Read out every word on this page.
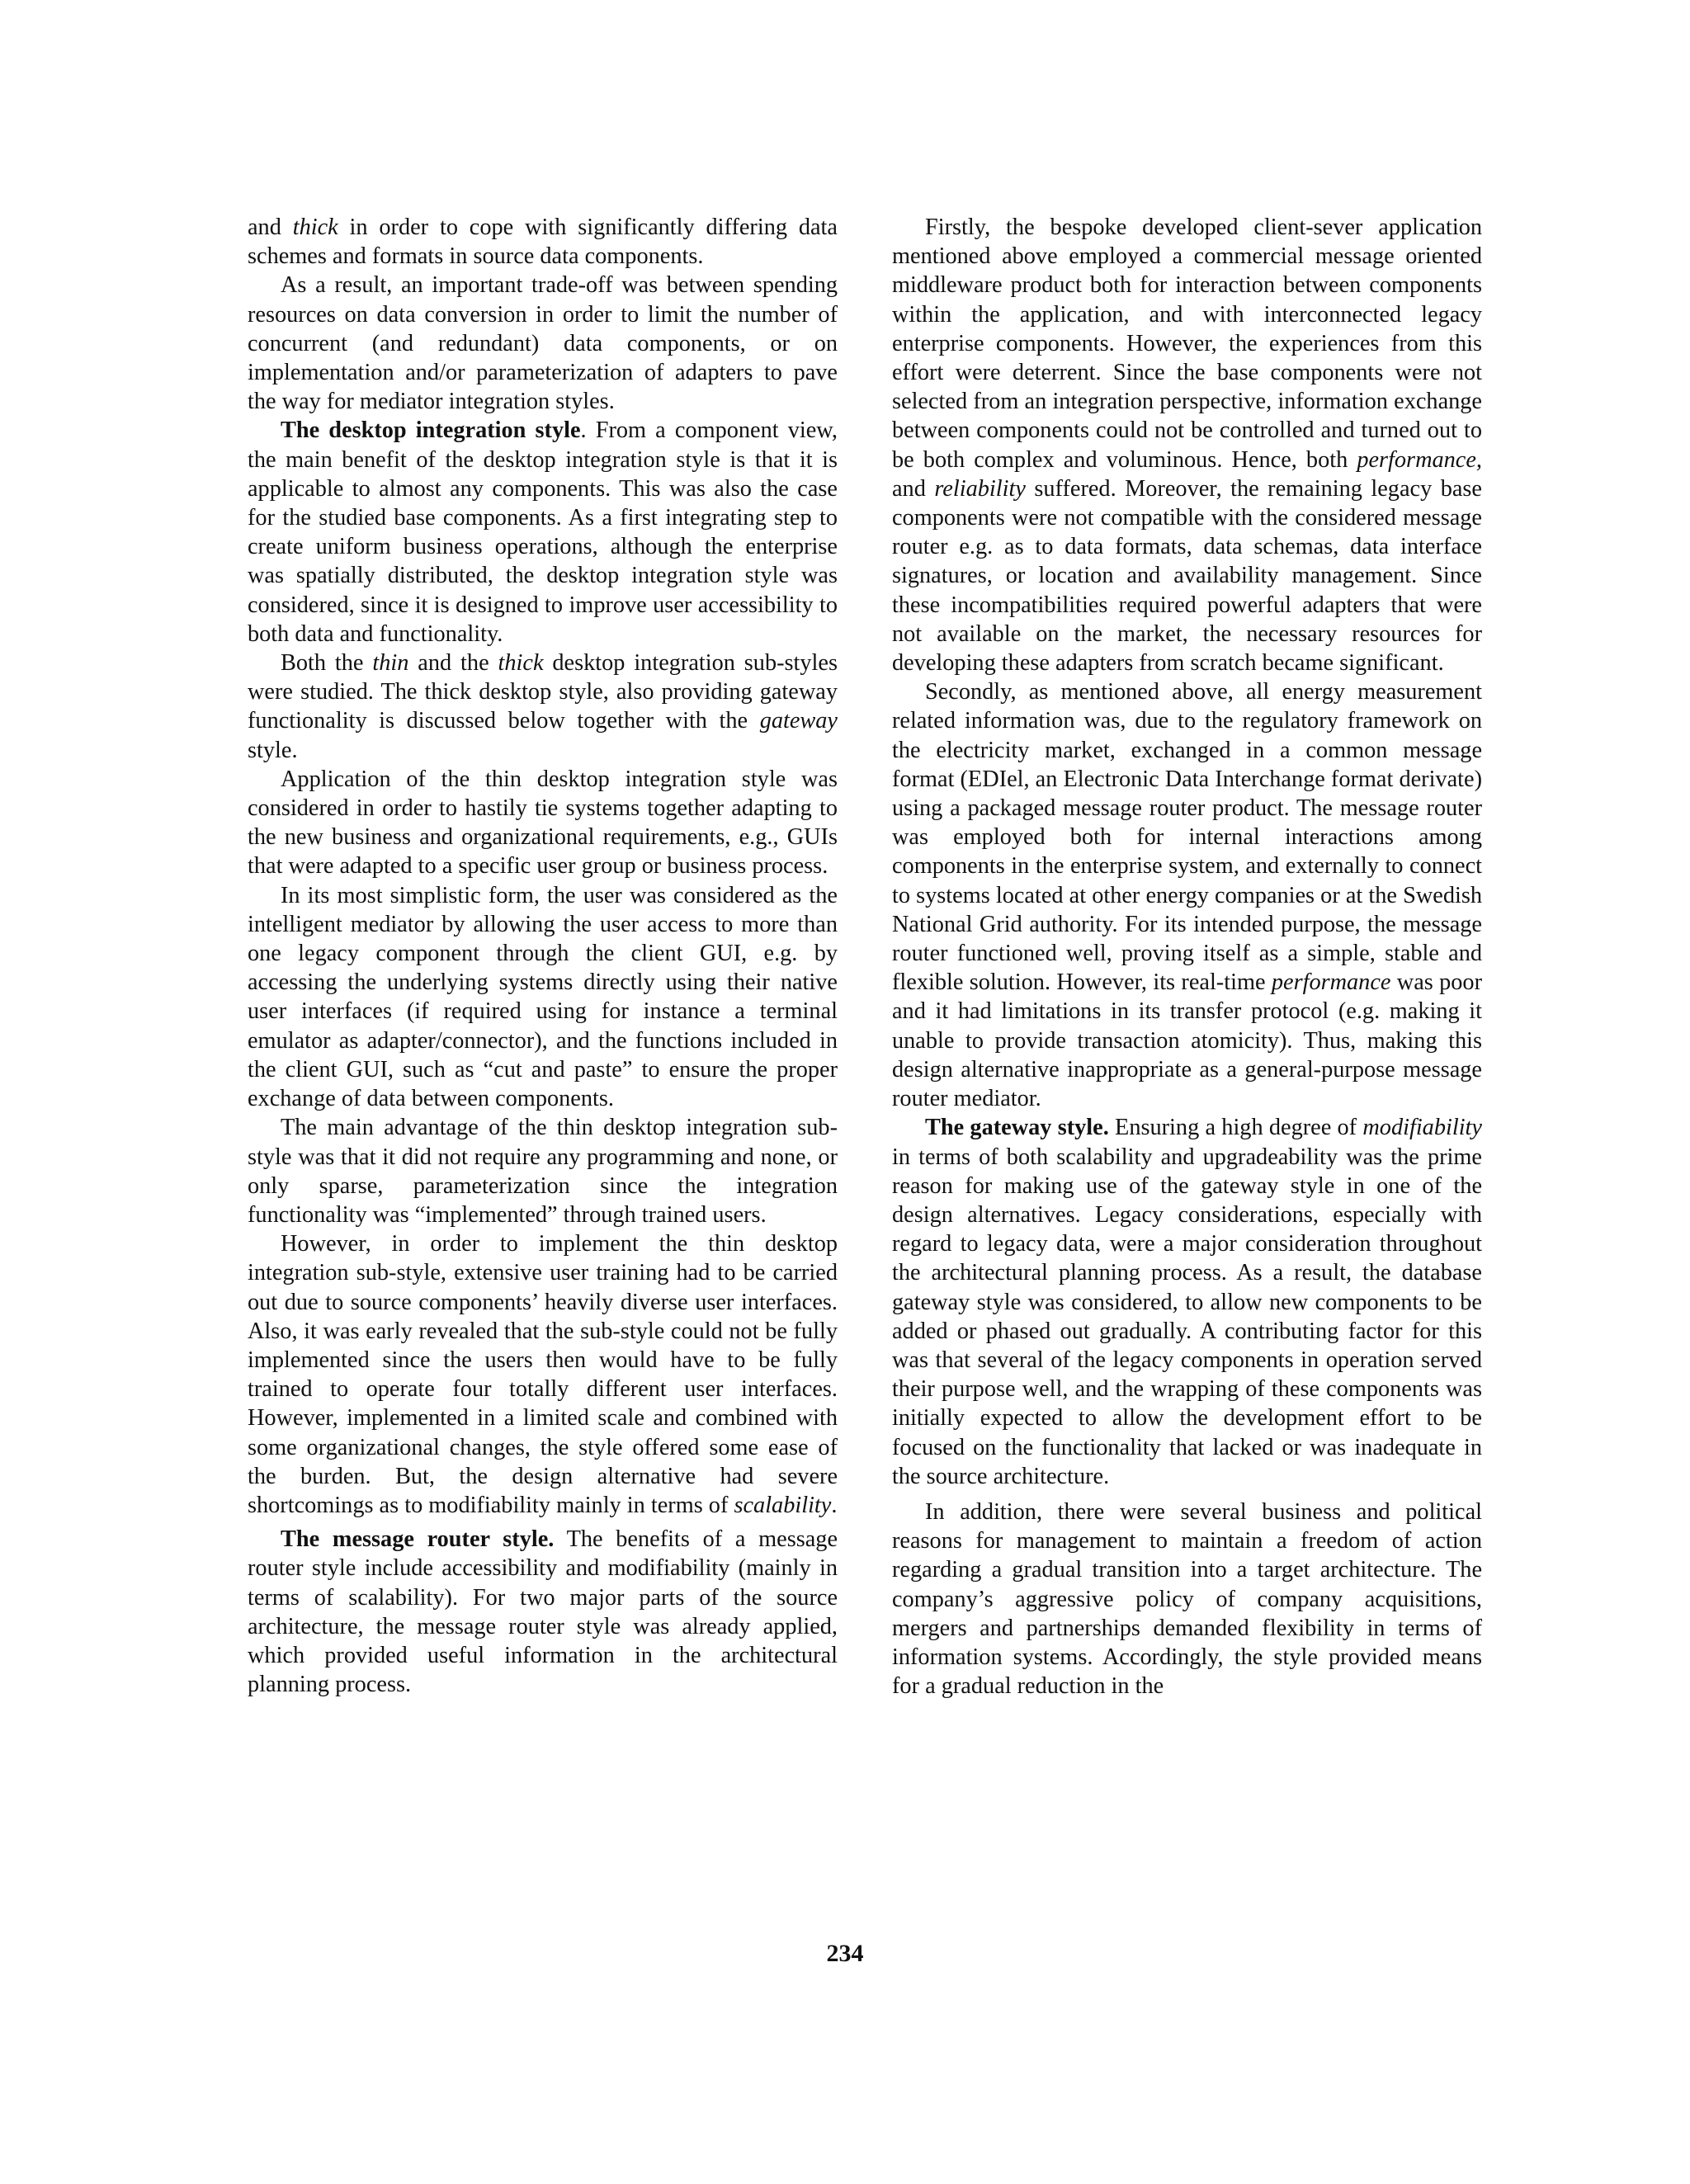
and thick in order to cope with significantly differing data schemes and formats in source data components.

As a result, an important trade-off was between spending resources on data conversion in order to limit the number of concurrent (and redundant) data components, or on implementation and/or parameterization of adapters to pave the way for mediator integration styles.

The desktop integration style. From a component view, the main benefit of the desktop integration style is that it is applicable to almost any components. This was also the case for the studied base components. As a first integrating step to create uniform business operations, although the enterprise was spatially distributed, the desktop integration style was considered, since it is designed to improve user accessibility to both data and functionality.

Both the thin and the thick desktop integration sub-styles were studied. The thick desktop style, also providing gateway functionality is discussed below together with the gateway style.

Application of the thin desktop integration style was considered in order to hastily tie systems together adapting to the new business and organizational requirements, e.g., GUIs that were adapted to a specific user group or business process.

In its most simplistic form, the user was considered as the intelligent mediator by allowing the user access to more than one legacy component through the client GUI, e.g. by accessing the underlying systems directly using their native user interfaces (if required using for instance a terminal emulator as adapter/connector), and the functions included in the client GUI, such as “cut and paste” to ensure the proper exchange of data between components.

The main advantage of the thin desktop integration sub-style was that it did not require any programming and none, or only sparse, parameterization since the integration functionality was “implemented” through trained users.

However, in order to implement the thin desktop integration sub-style, extensive user training had to be carried out due to source components’ heavily diverse user interfaces. Also, it was early revealed that the sub-style could not be fully implemented since the users then would have to be fully trained to operate four totally different user interfaces. However, implemented in a limited scale and combined with some organizational changes, the style offered some ease of the burden. But, the design alternative had severe shortcomings as to modifiability mainly in terms of scalability.

The message router style. The benefits of a message router style include accessibility and modifiability (mainly in terms of scalability). For two major parts of the source architecture, the message router style was already applied, which provided useful information in the architectural planning process.

Firstly, the bespoke developed client-sever application mentioned above employed a commercial message oriented middleware product both for interaction between components within the application, and with interconnected legacy enterprise components. However, the experiences from this effort were deterrent. Since the base components were not selected from an integration perspective, information exchange between components could not be controlled and turned out to be both complex and voluminous. Hence, both performance, and reliability suffered. Moreover, the remaining legacy base components were not compatible with the considered message router e.g. as to data formats, data schemas, data interface signatures, or location and availability management. Since these incompatibilities required powerful adapters that were not available on the market, the necessary resources for developing these adapters from scratch became significant.

Secondly, as mentioned above, all energy measurement related information was, due to the regulatory framework on the electricity market, exchanged in a common message format (EDIel, an Electronic Data Interchange format derivate) using a packaged message router product. The message router was employed both for internal interactions among components in the enterprise system, and externally to connect to systems located at other energy companies or at the Swedish National Grid authority. For its intended purpose, the message router functioned well, proving itself as a simple, stable and flexible solution. However, its real-time performance was poor and it had limitations in its transfer protocol (e.g. making it unable to provide transaction atomicity). Thus, making this design alternative inappropriate as a general-purpose message router mediator.

The gateway style. Ensuring a high degree of modifiability in terms of both scalability and upgradeability was the prime reason for making use of the gateway style in one of the design alternatives. Legacy considerations, especially with regard to legacy data, were a major consideration throughout the architectural planning process. As a result, the database gateway style was considered, to allow new components to be added or phased out gradually. A contributing factor for this was that several of the legacy components in operation served their purpose well, and the wrapping of these components was initially expected to allow the development effort to be focused on the functionality that lacked or was inadequate in the source architecture.

In addition, there were several business and political reasons for management to maintain a freedom of action regarding a gradual transition into a target architecture. The company’s aggressive policy of company acquisitions, mergers and partnerships demanded flexibility in terms of information systems. Accordingly, the style provided means for a gradual reduction in the

234
